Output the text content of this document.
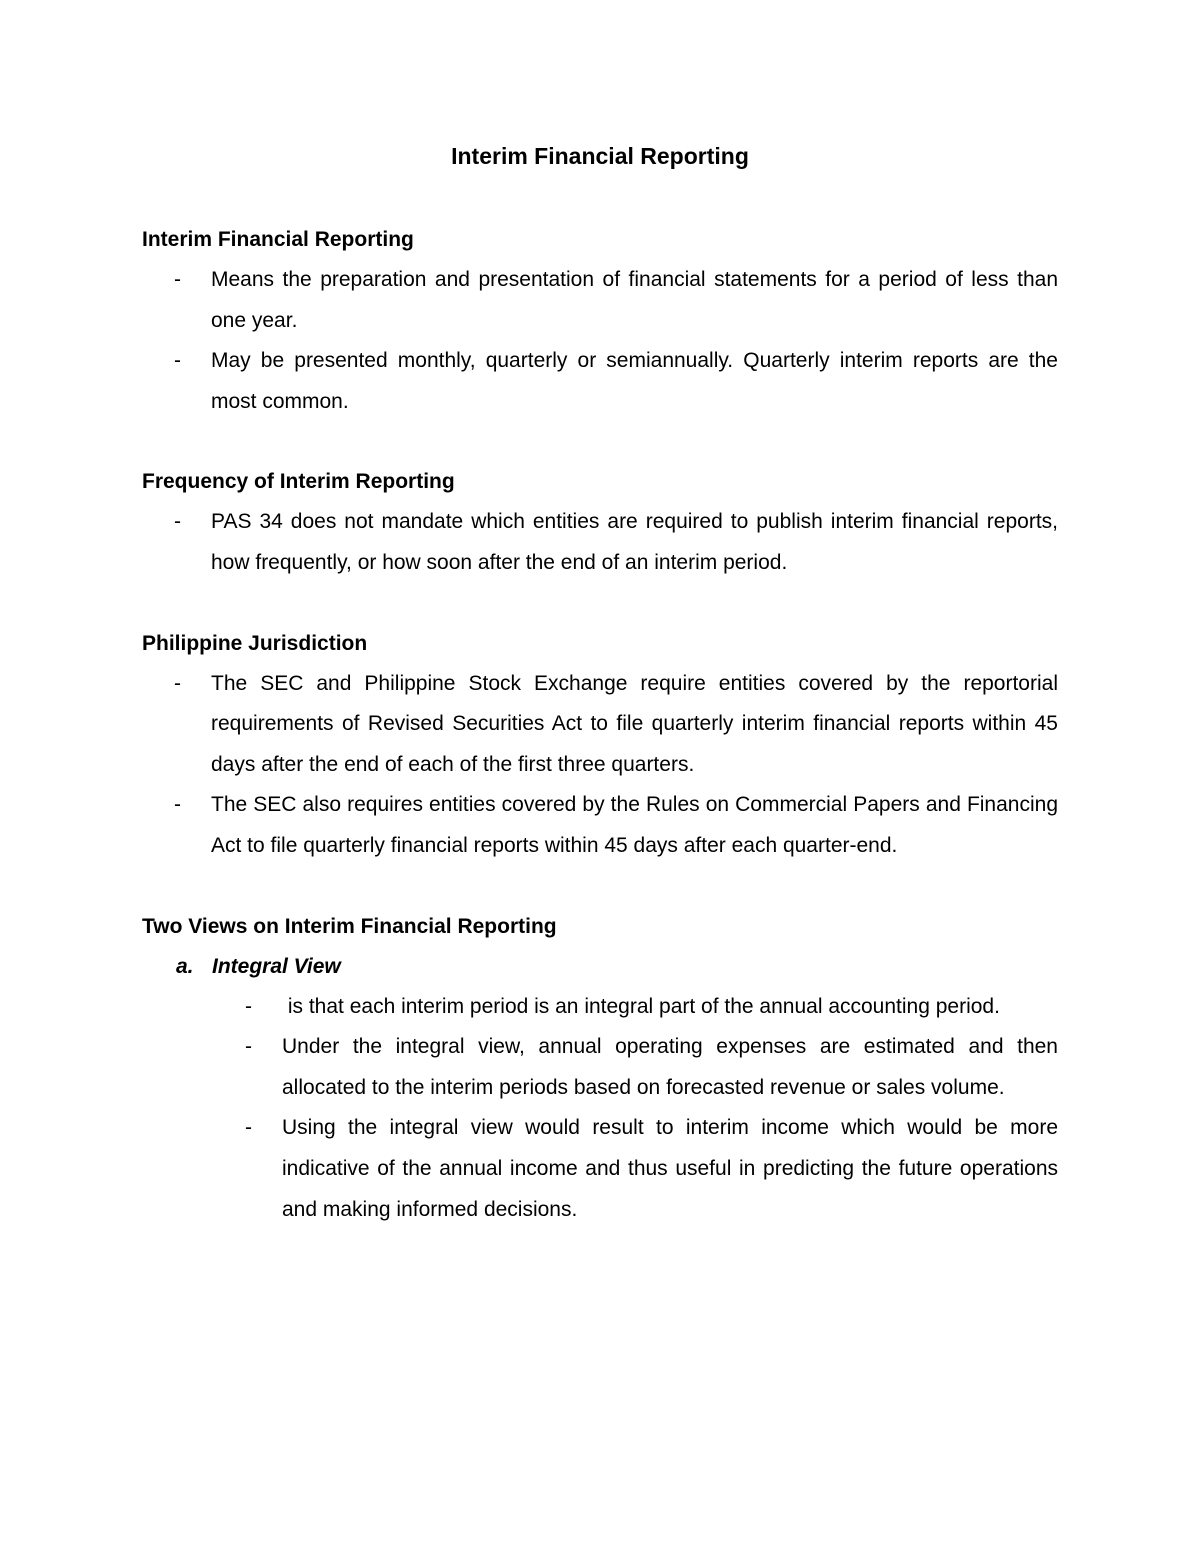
Interim Financial Reporting
Interim Financial Reporting
- Means the preparation and presentation of financial statements for a period of less than one year.
- May be presented monthly, quarterly or semiannually. Quarterly interim reports are the most common.
Frequency of Interim Reporting
- PAS 34 does not mandate which entities are required to publish interim financial reports, how frequently, or how soon after the end of an interim period.
Philippine Jurisdiction
- The SEC and Philippine Stock Exchange require entities covered by the reportorial requirements of Revised Securities Act to file quarterly interim financial reports within 45 days after the end of each of the first three quarters.
- The SEC also requires entities covered by the Rules on Commercial Papers and Financing Act to file quarterly financial reports within 45 days after each quarter-end.
Two Views on Interim Financial Reporting
a. Integral View
- is that each interim period is an integral part of the annual accounting period.
- Under the integral view, annual operating expenses are estimated and then allocated to the interim periods based on forecasted revenue or sales volume.
- Using the integral view would result to interim income which would be more indicative of the annual income and thus useful in predicting the future operations and making informed decisions.
